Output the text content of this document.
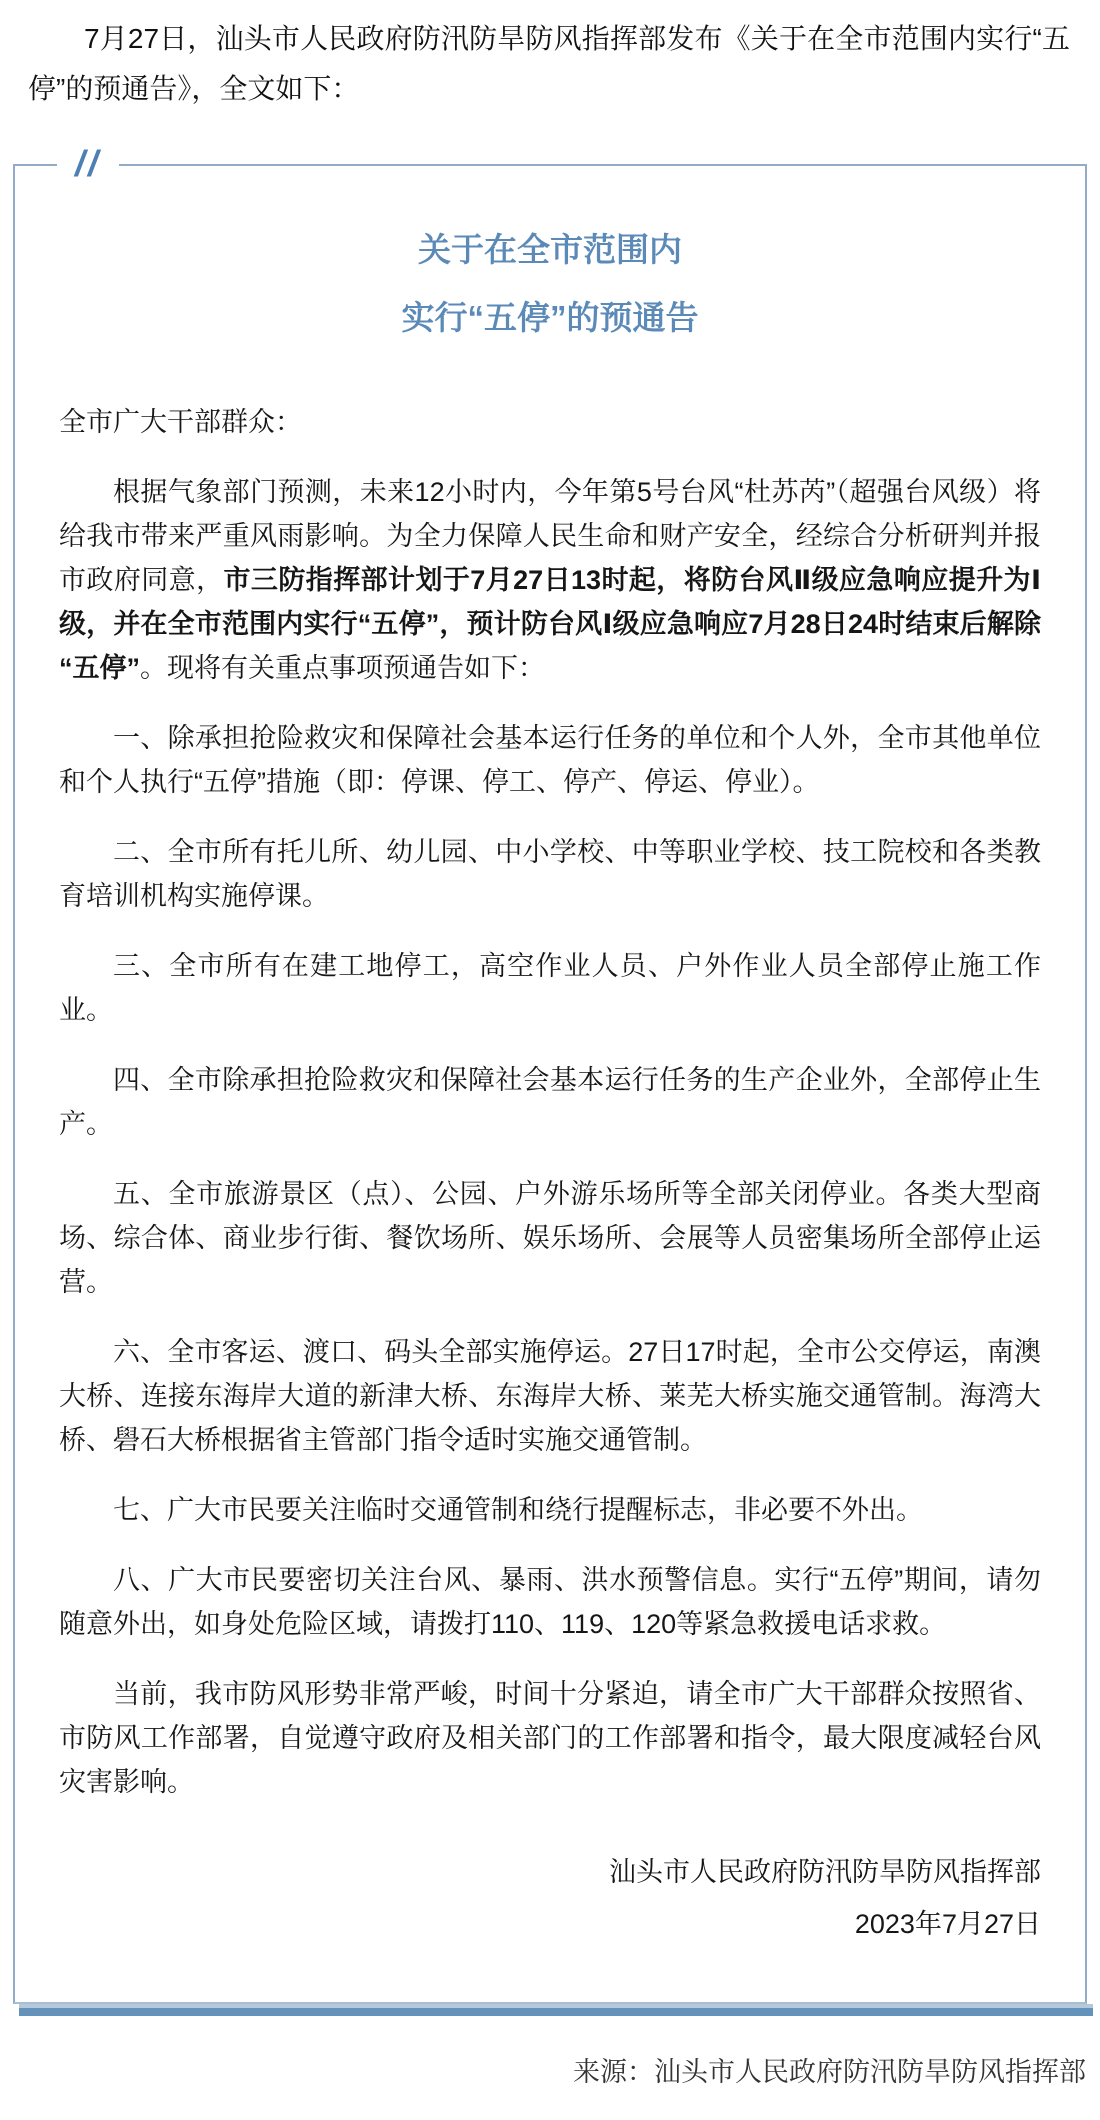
7月27日，汕头市人民政府防汛防旱防风指挥部发布《关于在全市范围内实行“五停”的预通告》，全文如下：

//
关于在全市范围内
实行“五停”的预通告
全市广大干部群众：

根据气象部门预测，未来12小时内，今年第5号台风“杜苏芮”（超强台风级）将给我市带来严重风雨影响。为全力保障人民生命和财产安全，经综合分析研判并报市政府同意，市三防指挥部计划于7月27日13时起，将防台风Ⅱ级应急响应提升为Ⅰ级，并在全市范围内实行“五停”，预计防台风Ⅰ级应急响应7月28日24时结束后解除“五停”。现将有关重点事项预通告如下：

一、除承担抢险救灾和保障社会基本运行任务的单位和个人外，全市其他单位和个人执行“五停”措施（即：停课、停工、停产、停运、停业）。

二、全市所有托儿所、幼儿园、中小学校、中等职业学校、技工院校和各类教育培训机构实施停课。

三、全市所有在建工地停工，高空作业人员、户外作业人员全部停止施工作业。

四、全市除承担抢险救灾和保障社会基本运行任务的生产企业外，全部停止生产。

五、全市旅游景区（点）、公园、户外游乐场所等全部关闭停业。各类大型商场、综合体、商业步行街、餐饮场所、娱乐场所、会展等人员密集场所全部停止运营。

六、全市客运、渡口、码头全部实施停运。27日17时起，全市公交停运，南澳大桥、连接东海岸大道的新津大桥、东海岸大桥、莱芜大桥实施交通管制。海湾大桥、礐石大桥根据省主管部门指令适时实施交通管制。

七、广大市民要关注临时交通管制和绕行提醒标志，非必要不外出。

八、广大市民要密切关注台风、暴雨、洪水预警信息。实行“五停”期间，请勿随意外出，如身处危险区域，请拨打110、119、120等紧急救援电话求救。

当前，我市防风形势非常严峻，时间十分紧迫，请全市广大干部群众按照省、市防风工作部署，自觉遵守政府及相关部门的工作部署和指令，最大限度减轻台风灾害影响。

汕头市人民政府防汛防旱防风指挥部
2023年7月27日

来源：汕头市人民政府防汛防旱防风指挥部
